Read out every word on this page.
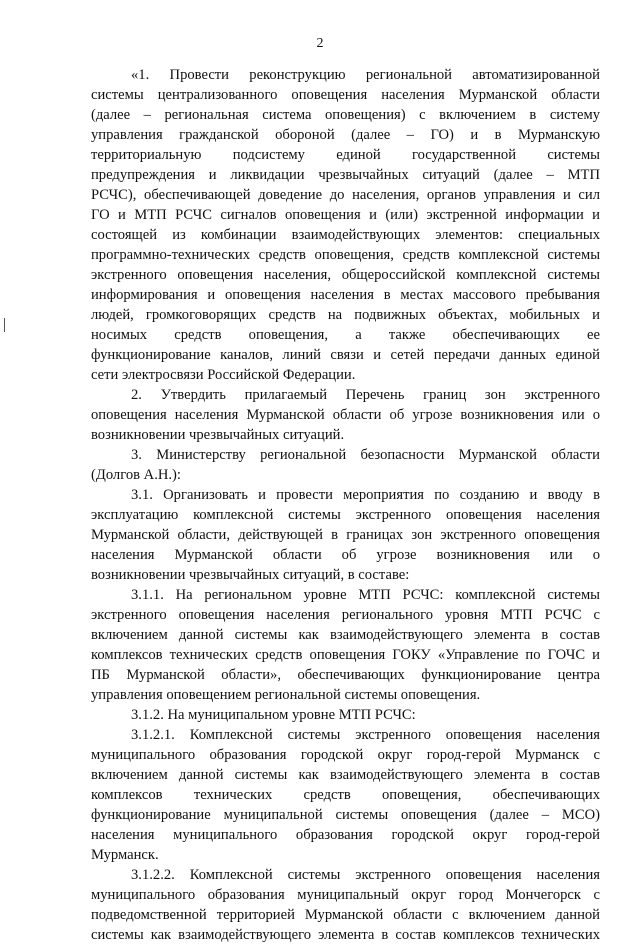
2
«1. Провести реконструкцию региональной автоматизированной
системы централизованного оповещения населения Мурманской области
(далее – региональная система оповещения) с включением в систему
управления гражданской обороной (далее – ГО) и в Мурманскую
территориальную подсистему единой государственной системы
предупреждения и ликвидации чрезвычайных ситуаций (далее – МТП
РСЧС), обеспечивающей доведение до населения, органов управления и сил
ГО и МТП РСЧС сигналов оповещения и (или) экстренной информации и
состоящей из комбинации взаимодействующих элементов: специальных
программно-технических средств оповещения, средств комплексной системы
экстренного оповещения населения, общероссийской комплексной системы
информирования и оповещения населения в местах массового пребывания
людей, громкоговорящих средств на подвижных объектах, мобильных и
носимых средств оповещения, а также обеспечивающих ее
функционирование каналов, линий связи и сетей передачи данных единой
сети электросвязи Российской Федерации.
2. Утвердить прилагаемый Перечень границ зон экстренного
оповещения населения Мурманской области об угрозе возникновения или о
возникновении чрезвычайных ситуаций.
3. Министерству региональной безопасности Мурманской области
(Долгов А.Н.):
3.1. Организовать и провести мероприятия по созданию и вводу в
эксплуатацию комплексной системы экстренного оповещения населения
Мурманской области, действующей в границах зон экстренного оповещения
населения Мурманской области об угрозе возникновения или о
возникновении чрезвычайных ситуаций, в составе:
3.1.1. На региональном уровне МТП РСЧС: комплексной системы
экстренного оповещения населения регионального уровня МТП РСЧС с
включением данной системы как взаимодействующего элемента в состав
комплексов технических средств оповещения ГОКУ «Управление по ГОЧС и
ПБ Мурманской области», обеспечивающих функционирование центра
управления оповещением региональной системы оповещения.
3.1.2. На муниципальном уровне МТП РСЧС:
3.1.2.1. Комплексной системы экстренного оповещения населения
муниципального образования городской округ город-герой Мурманск с
включением данной системы как взаимодействующего элемента в состав
комплексов технических средств оповещения, обеспечивающих
функционирование муниципальной системы оповещения (далее – МСО)
населения муниципального образования городской округ город-герой
Мурманск.
3.1.2.2. Комплексной системы экстренного оповещения населения
муниципального образования муниципальный округ город Мончегорск с
подведомственной территорией Мурманской области с включением данной
системы как взаимодействующего элемента в состав комплексов технических
